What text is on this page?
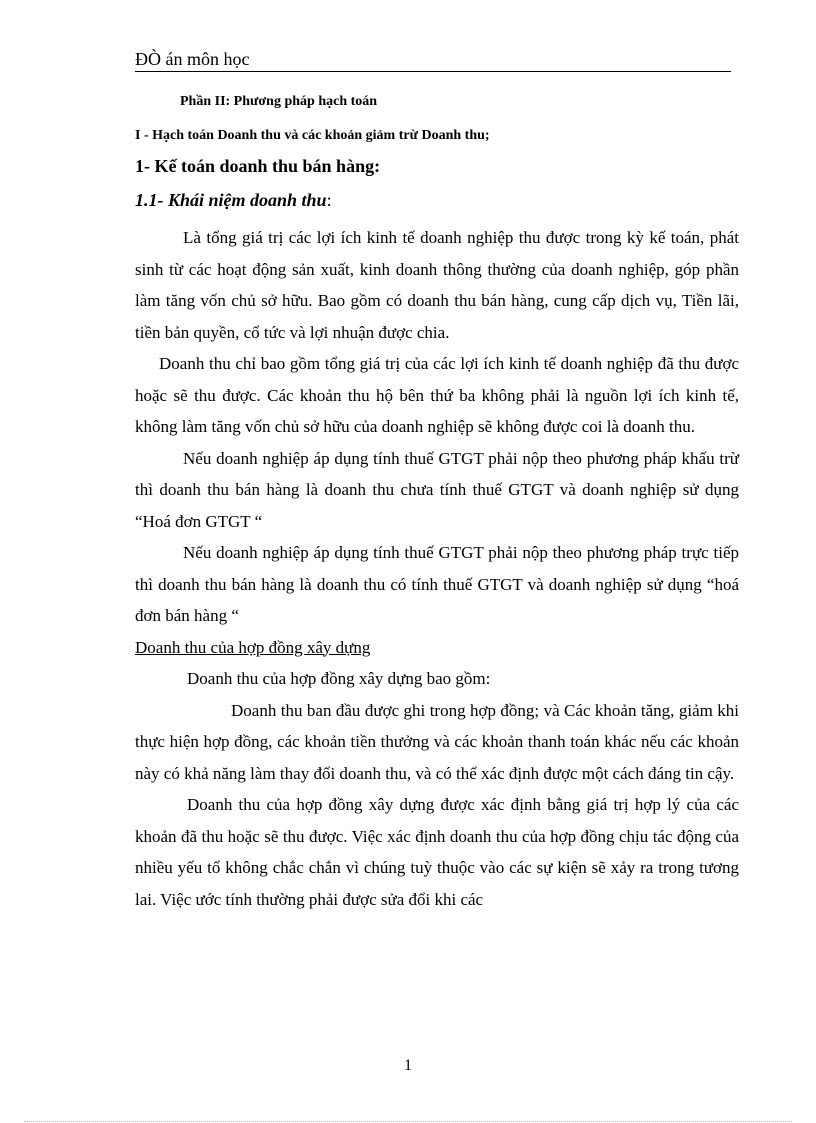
ĐÒ án môn học
Phần II: Phương pháp hạch toán
I - Hạch toán Doanh thu và các khoản giảm trừ Doanh thu;
1- Kế toán doanh thu bán hàng:
1.1- Khái niệm doanh thu:

Là tổng giá trị các lợi ích kinh tế doanh nghiệp thu được trong kỳ kế toán, phát sinh từ các hoạt động sản xuất, kinh doanh thông thường của doanh nghiệp, góp phần làm tăng vốn chủ sở hữu. Bao gồm có doanh thu bán hàng, cung cấp dịch vụ, Tiền lãi, tiền bản quyền, cổ tức và lợi nhuận được chia.

Doanh thu chỉ bao gồm tổng giá trị của các lợi ích kinh tế doanh nghiệp đã thu được hoặc sẽ thu được. Các khoản thu hộ bên thứ ba không phải là nguồn lợi ích kinh tế, không làm tăng vốn chủ sở hữu của doanh nghiệp sẽ không được coi là doanh thu.

Nếu doanh nghiệp áp dụng tính thuế GTGT phải nộp theo phương pháp khấu trừ thì doanh thu bán hàng là doanh thu chưa tính thuế GTGT và doanh nghiệp sử dụng “Hoá đơn GTGT “

Nếu doanh nghiệp áp dụng tính thuế GTGT phải nộp theo phương pháp trực tiếp thì doanh thu bán hàng là doanh thu có tính thuế GTGT và doanh nghiệp sử dụng “hoá đơn bán hàng “

Doanh thu của hợp đồng xây dựng

Doanh thu của hợp đồng xây dựng bao gồm:

Doanh thu ban đầu được ghi trong hợp đồng; và Các khoản tăng, giảm khi thực hiện hợp đồng, các khoản tiền thưởng và các khoản thanh toán khác nếu các khoản này có khả năng làm thay đổi doanh thu, và có thể xác định được một cách đáng tin cậy.

Doanh thu của hợp đồng xây dựng được xác định bằng giá trị hợp lý của các khoản đã thu hoặc sẽ thu được. Việc xác định doanh thu của hợp đồng chịu tác động của nhiều yếu tố không chắc chắn vì chúng tuỳ thuộc vào các sự kiện sẽ xảy ra trong tương lai. Việc ước tính thường phải được sửa đổi khi các

1
